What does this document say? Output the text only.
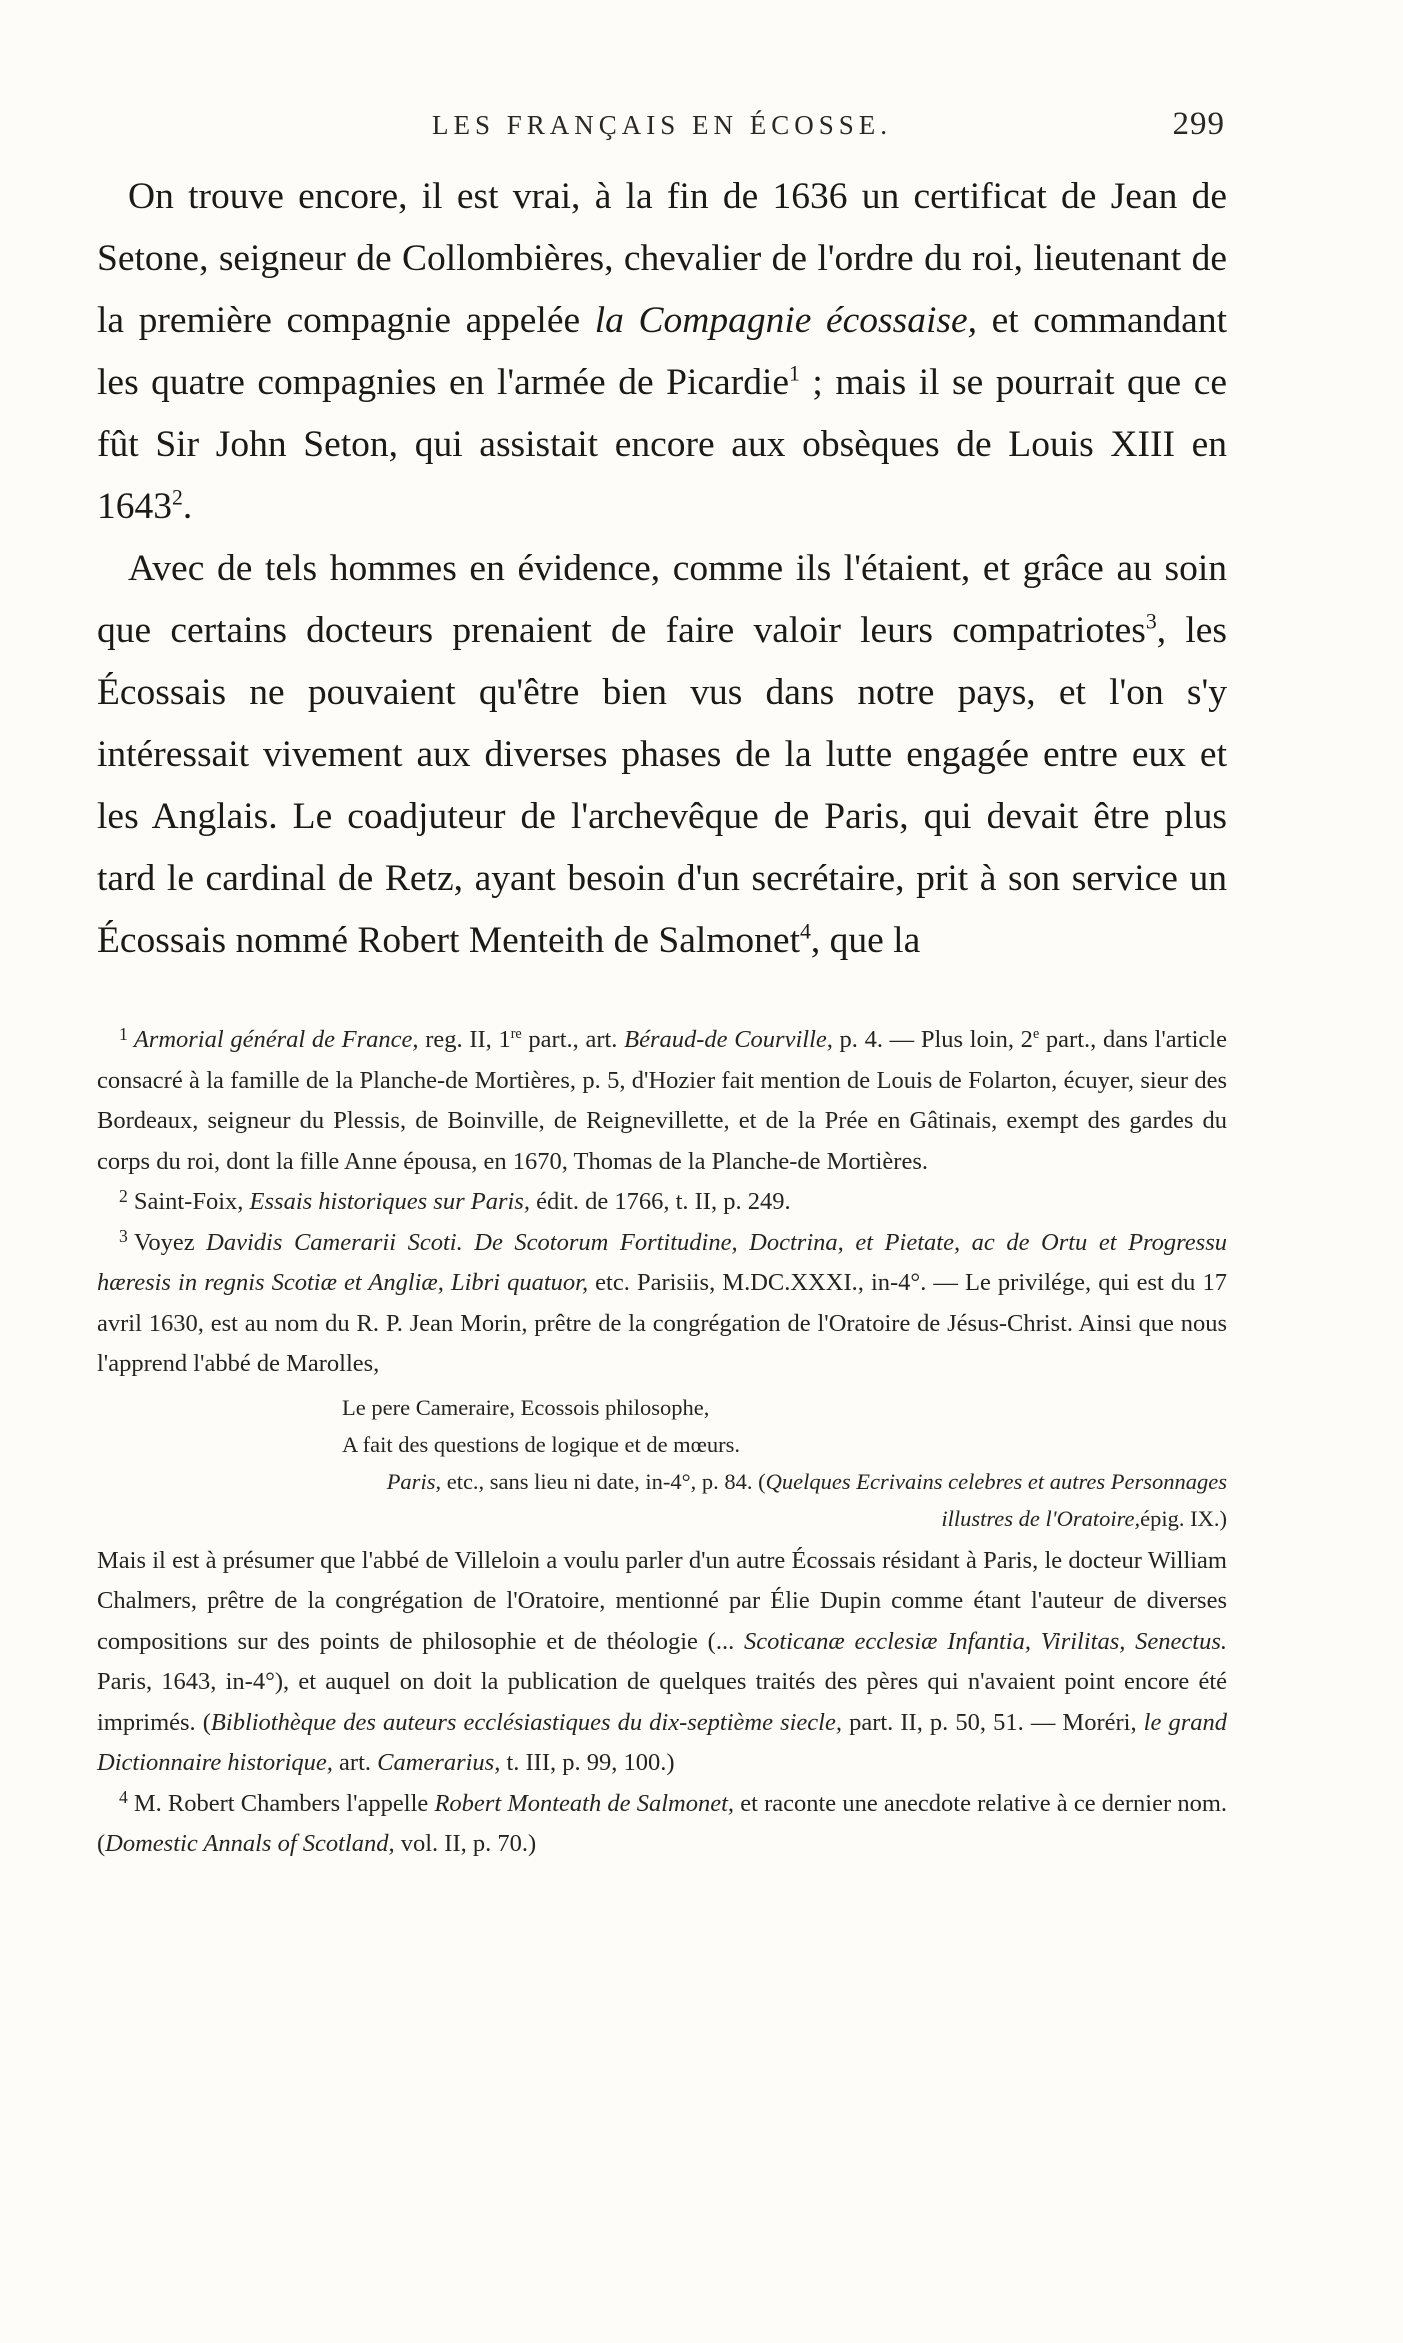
LES FRANÇAIS EN ÉCOSSE.	299

On trouve encore, il est vrai, à la fin de 1636 un certificat de Jean de Setone, seigneur de Collombières, chevalier de l'ordre du roi, lieutenant de la première compagnie appelée la Compagnie écossaise, et commandant les quatre compagnies en l'armée de Picardie$^1$ ; mais il se pourrait que ce fût Sir John Seton, qui assistait encore aux obsèques de Louis XIII en 1643$^2$.

Avec de tels hommes en évidence, comme ils l'étaient, et grâce au soin que certains docteurs prenaient de faire valoir leurs compatriotes$^3$, les Écossais ne pouvaient qu'être bien vus dans notre pays, et l'on s'y intéressait vivement aux diverses phases de la lutte engagée entre eux et les Anglais. Le coadjuteur de l'archevêque de Paris, qui devait être plus tard le cardinal de Retz, ayant besoin d'un secrétaire, prit à son service un Écossais nommé Robert Menteith de Salmonet$^4$, que la

$^1$ Armorial général de France, reg. II, 1re part., art. Béraud-de Courville, p. 4. — Plus loin, 2e part., dans l'article consacré à la famille de la Planche-de Mortières, p. 5, d'Hozier fait mention de Louis de Folarton, écuyer, sieur des Bordeaux, seigneur du Plessis, de Boinville, de Reignevillette, et de la Prée en Gâtinais, exempt des gardes du corps du roi, dont la fille Anne épousa, en 1670, Thomas de la Planche-de Mortières.

$^2$ Saint-Foix, Essais historiques sur Paris, édit. de 1766, t. II, p. 249.

$^3$ Voyez Davidis Camerarii Scoti. De Scotorum Fortitudine, Doctrina, et Pietate, ac de Ortu et Progressu hæresis in regnis Scotiæ et Angliæ, Libri quatuor, etc. Parisiis, M.DC.XXXI., in-4°. — Le privilége, qui est du 17 avril 1630, est au nom du R. P. Jean Morin, prêtre de la congrégation de l'Oratoire de Jésus-Christ. Ainsi que nous l'apprend l'abbé de Marolles,

Le pere Cameraire, Ecossois philosophe,
A fait des questions de logique et de mœurs.
Paris, etc., sans lieu ni date, in-4°, p. 84. (Quelques Ecrivains celebres et autres Personnages illustres de l'Oratoire,épig. IX.)

Mais il est à présumer que l'abbé de Villeloin a voulu parler d'un autre Écossais résidant à Paris, le docteur William Chalmers, prêtre de la congrégation de l'Oratoire, mentionné par Élie Dupin comme étant l'auteur de diverses compositions sur des points de philosophie et de théologie (... Scoticanæ ecclesiæ Infantia, Virilitas, Senectus. Paris, 1643, in-4°), et auquel on doit la publication de quelques traités des pères qui n'avaient point encore été imprimés. (Bibliothèque des auteurs ecclésiastiques du dix-septième siecle, part. II, p. 50, 51. — Moréri, le grand Dictionnaire historique, art. Camerarius, t. III, p. 99, 100.)

$^4$ M. Robert Chambers l'appelle Robert Monteath de Salmonet, et raconte une anecdote relative à ce dernier nom. (Domestic Annals of Scotland, vol. II, p. 70.)
